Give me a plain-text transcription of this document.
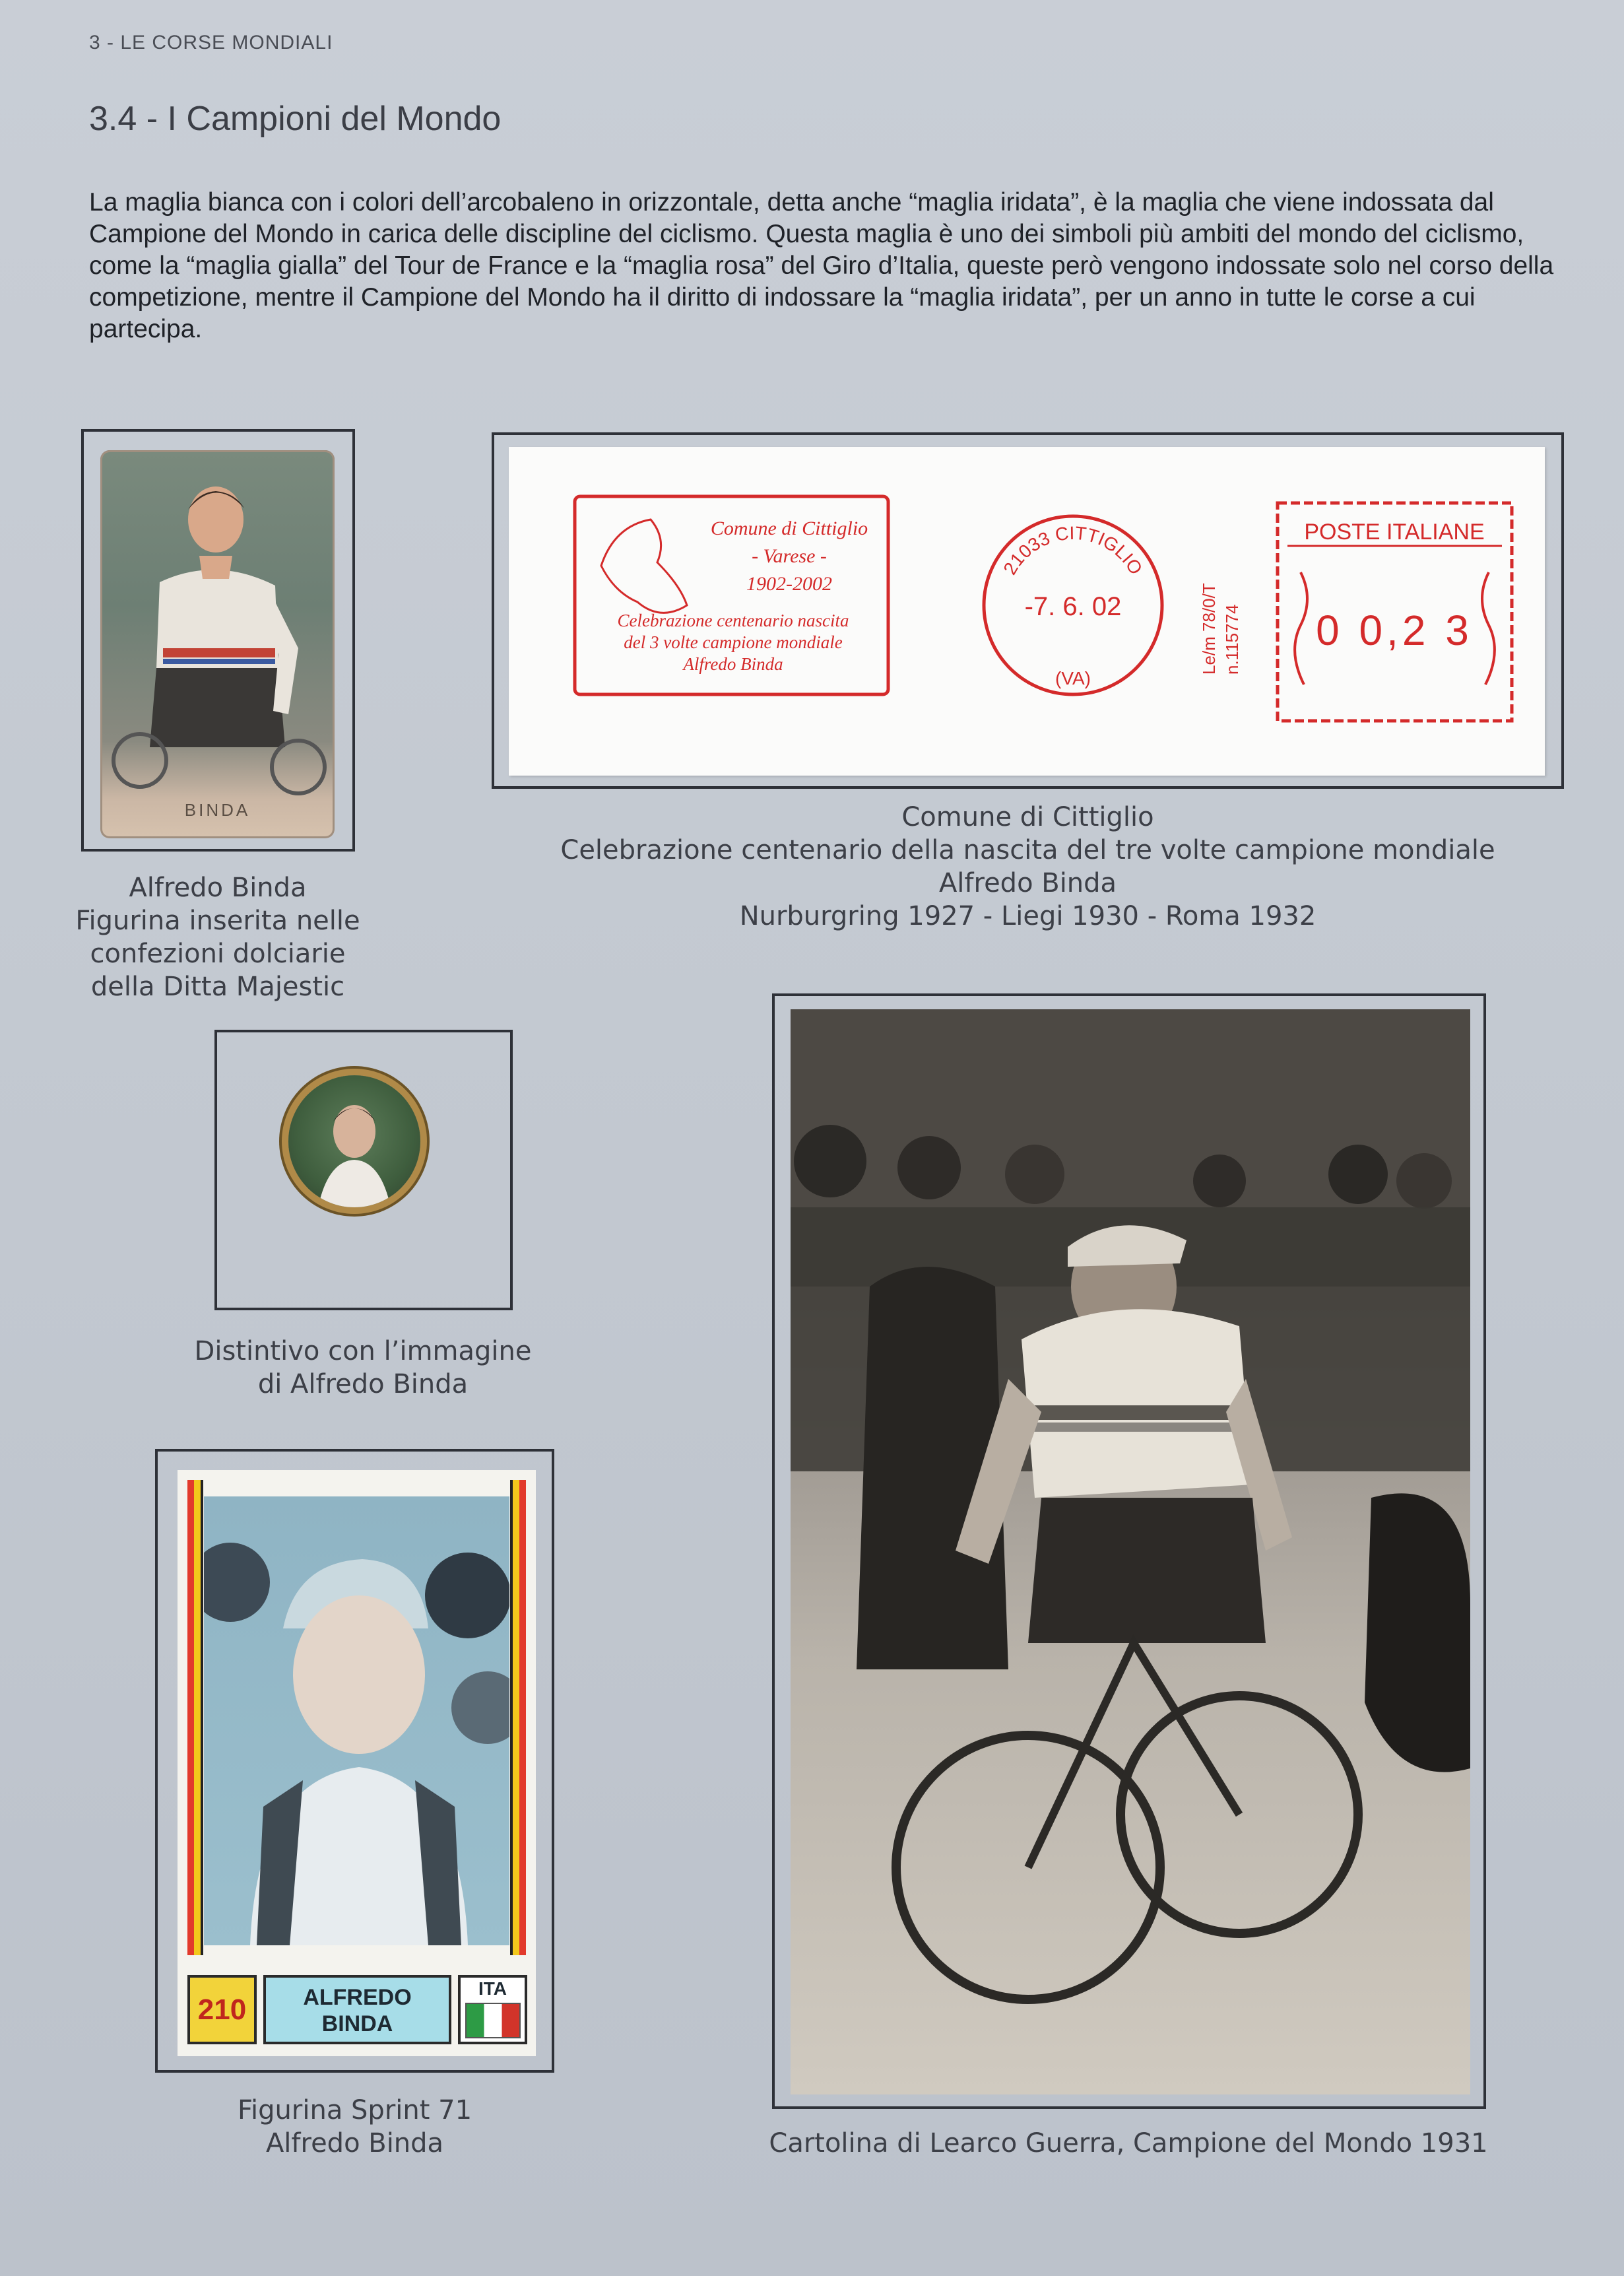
3 - LE CORSE MONDIALI
3.4 - I Campioni del Mondo
La maglia bianca con i colori dell’arcobaleno in orizzontale, detta anche “maglia iridata”, è la maglia che viene indossata dal Campione del Mondo in carica delle discipline del ciclismo. Questa maglia è uno dei simboli più ambiti del mondo del ciclismo, come la “maglia gialla” del Tour de France e la “maglia rosa” del Giro d’Italia, queste però vengono indossate solo nel corso della competizione, mentre il Campione del Mondo ha il diritto di indossare la “maglia iridata”, per un anno in tutte le corse a cui partecipa.
BINDA
Alfredo Binda
Figurina inserita nelle
confezioni dolciarie
della Ditta Majestic
Comune di Cittiglio
- Varese -
1902-2002
Celebrazione centenario nascita
del 3 volte campione mondiale
Alfredo Binda
21033 CITTIGLIO
-7. 6. 02
(VA)
Le/m 78/0/T n.115774
POSTE ITALIANE
0 0,2 3
Comune di Cittiglio
Celebrazione centenario della nascita del tre volte campione mondiale
Alfredo Binda
Nurburgring 1927 - Liegi 1930 - Roma 1932
Distintivo con l’immagine
di Alfredo Binda
210	ALFREDO
BINDA
ITA
Figurina Sprint 71
Alfredo Binda	Cartolina di Learco Guerra, Campione del Mondo 1931
